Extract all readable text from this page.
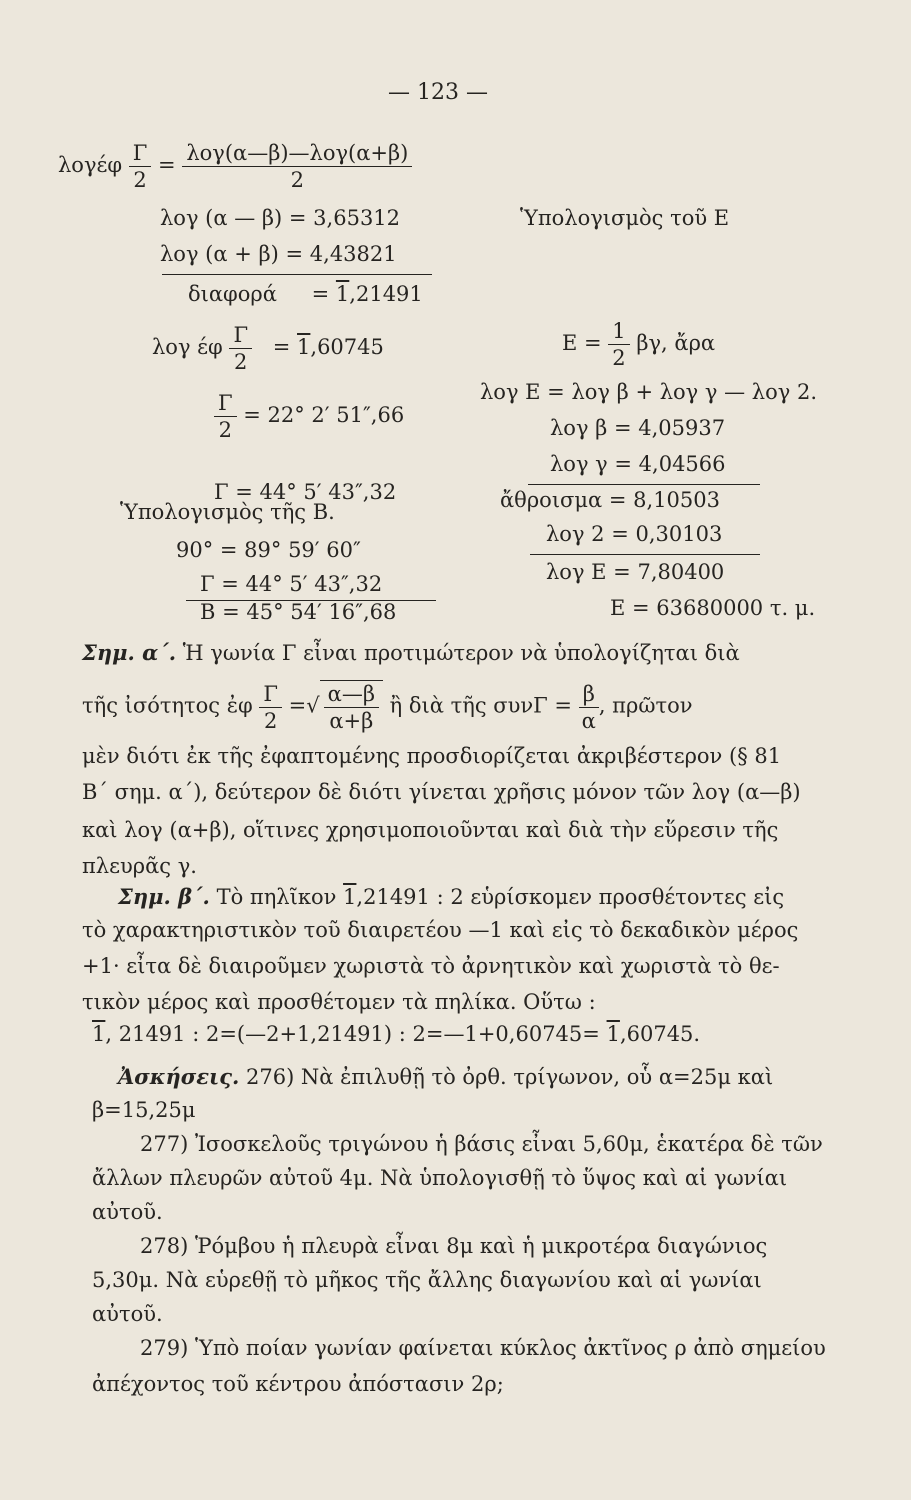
— 123 —
λογέφ $\frac{\Gamma}{2} = \frac{\text{λογ(α—β)—λογ(α+β)}}{2}$
λογ (α — β) = 3,65312
λογ (α + β) = 4,43821
διαφορά = 1,21491
λογ έφ $\frac{\Gamma}{2} = 1,60745$
$\frac{\Gamma}{2} = 22^\circ$ 2′ 51″,66
Γ = 44° 5′ 43″,32
Ὑπολογισμὸς τῆς Β.
90° = 89° 59′ 60″
Γ = 44° 5′ 43″,32
Β = 45° 54′ 16″,68
Ὑπολογισμὸς τοῦ Ε
$E = \frac{1}{2} \beta\gamma$, ἄρα
λογ Ε = λογ β + λογ γ — λογ 2.
λογ β = 4,05937
λογ γ = 4,04566
ἄθροισμα = 8,10503
λογ 2 = 0,30103
λογ Ε = 7,80400
Ε = 63680000 τ. μ.
Σημ. α΄. Ἡ γωνία Γ εἶναι προτιμώτερον νὰ ὑπολογίζηται διὰ
τῆς ἰσότητος ἐφ $\frac{\Gamma}{2}$ =√ $\frac{\alpha—\beta}{\alpha+\beta}$ ἢ διὰ τῆς $\sigma\upsilon\nu\Gamma = \frac{\beta}{\alpha}$ , πρῶτον
μὲν διότι ἐκ τῆς ἐφαπτομένης προσδιορίζεται ἀκριβέστερον (§ 81
Β΄ σημ. α΄), δεύτερον δὲ διότι γίνεται χρῆσις μόνον τῶν λογ (α—β)
καὶ λογ (α+β), οἵτινες χρησιμοποιοῦνται καὶ διὰ τὴν εὕρεσιν τῆς
πλευρᾶς γ.
Σημ. β΄. Τὸ πηλῖκον 1,21491 : 2 εὑρίσκομεν προσθέτοντες εἰς
τὸ χαρακτηριστικὸν τοῦ διαιρετέου —1 καὶ εἰς τὸ δεκαδικὸν μέρος
+1· εἶτα δὲ διαιροῦμεν χωριστὰ τὸ ἀρνητικὸν καὶ χωριστὰ τὸ θε-
τικὸν μέρος καὶ προσθέτομεν τὰ πηλίκα. Οὕτω :
1, 21491 : 2=(—2+1,21491) : 2=—1+0,60745= 1,60745.
Ἀσκήσεις. 276) Νὰ ἐπιλυθῇ τὸ ὀρθ. τρίγωνον, οὗ α=25μ καὶ
β=15,25μ
277) Ἰσοσκελοῦς τριγώνου ἡ βάσις εἶναι 5,60μ, ἑκατέρα δὲ τῶν
ἄλλων πλευρῶν αὐτοῦ 4μ. Νὰ ὑπολογισθῇ τὸ ὕψος καὶ αἱ γωνίαι
αὐτοῦ.
278) Ῥόμβου ἡ πλευρὰ εἶναι 8μ καὶ ἡ μικροτέρα διαγώνιος
5,30μ. Νὰ εὑρεθῇ τὸ μῆκος τῆς ἄλλης διαγωνίου καὶ αἱ γωνίαι
αὐτοῦ.
279) Ὑπὸ ποίαν γωνίαν φαίνεται κύκλος ἀκτῖνος ρ ἀπὸ σημείου
ἀπέχοντος τοῦ κέντρου ἀπόστασιν 2ρ;
